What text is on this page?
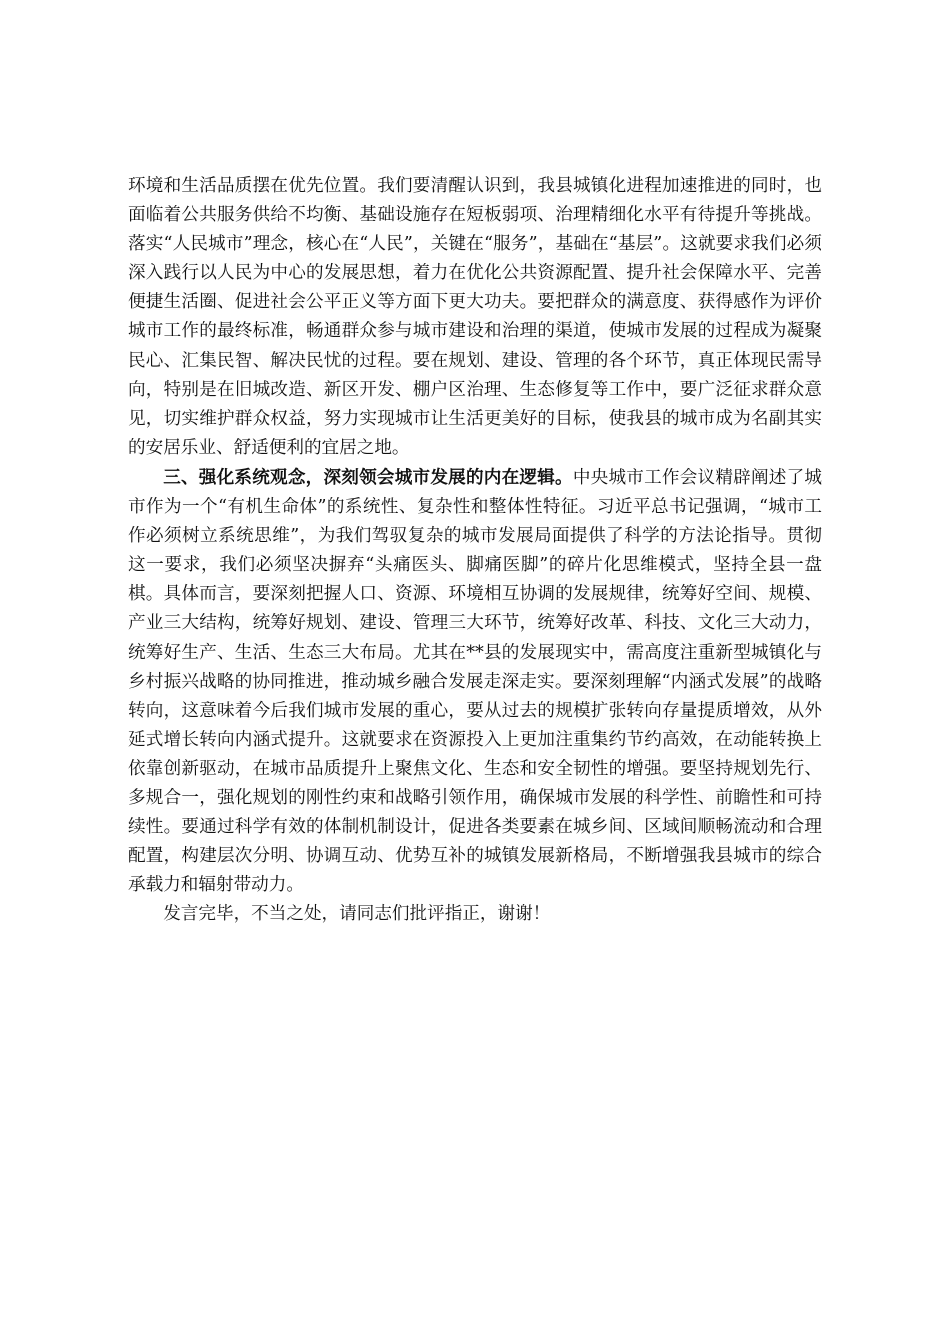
环境和生活品质摆在优先位置。我们要清醒认识到，我县城镇化进程加速推进的同时，也面临着公共服务供给不均衡、基础设施存在短板弱项、治理精细化水平有待提升等挑战。落实“人民城市”理念，核心在“人民”，关键在“服务”，基础在“基层”。这就要求我们必须深入践行以人民为中心的发展思想，着力在优化公共资源配置、提升社会保障水平、完善便捷生活圈、促进社会公平正义等方面下更大功夫。要把群众的满意度、获得感作为评价城市工作的最终标准，畅通群众参与城市建设和治理的渠道，使城市发展的过程成为凝聚民心、汇集民智、解决民忧的过程。要在规划、建设、管理的各个环节，真正体现民需导向，特别是在旧城改造、新区开发、棚户区治理、生态修复等工作中，要广泛征求群众意见，切实维护群众权益，努力实现城市让生活更美好的目标，使我县的城市成为名副其实的安居乐业、舒适便利的宜居之地。

三、强化系统观念，深刻领会城市发展的内在逻辑。中央城市工作会议精辟阐述了城市作为一个“有机生命体”的系统性、复杂性和整体性特征。习近平总书记强调，“城市工作必须树立系统思维”，为我们驾驭复杂的城市发展局面提供了科学的方法论指导。贯彻这一要求，我们必须坚决摒弃“头痛医头、脚痛医脚”的碎片化思维模式，坚持全县一盘棋。具体而言，要深刻把握人口、资源、环境相互协调的发展规律，统筹好空间、规模、产业三大结构，统筹好规划、建设、管理三大环节，统筹好改革、科技、文化三大动力，统筹好生产、生活、生态三大布局。尤其在**县的发展现实中，需高度注重新型城镇化与乡村振兴战略的协同推进，推动城乡融合发展走深走实。要深刻理解“内涵式发展”的战略转向，这意味着今后我们城市发展的重心，要从过去的规模扩张转向存量提质增效，从外延式增长转向内涵式提升。这就要求在资源投入上更加注重集约节约高效，在动能转换上依靠创新驱动，在城市品质提升上聚焦文化、生态和安全韧性的增强。要坚持规划先行、多规合一，强化规划的刚性约束和战略引领作用，确保城市发展的科学性、前瞻性和可持续性。要通过科学有效的体制机制设计，促进各类要素在城乡间、区域间顺畅流动和合理配置，构建层次分明、协调互动、优势互补的城镇发展新格局，不断增强我县城市的综合承载力和辐射带动力。

发言完毕，不当之处，请同志们批评指正，谢谢！
